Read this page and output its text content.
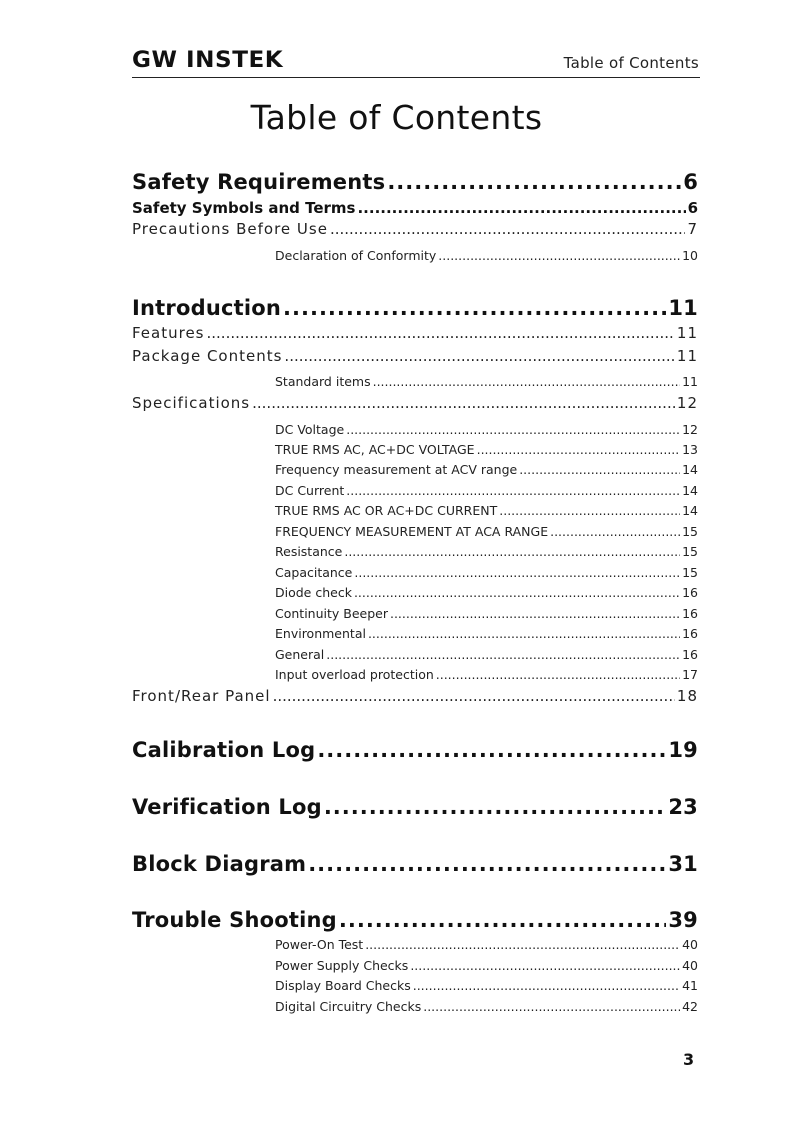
GW INSTEK	Table of Contents
Table of Contents
Safety Requirements .....	6
Safety Symbols and Terms .....	6
Precautions Before Use .....	7
Declaration of Conformity .....	10
Introduction .....	11
Features .....	11
Package Contents .....	11
Standard items .....	11
Specifications .....	12
DC Voltage .....	12
TRUE RMS AC, AC+DC VOLTAGE .....	13
Frequency measurement at ACV range .....	14
DC Current .....	14
TRUE RMS AC OR AC+DC CURRENT .....	14
FREQUENCY MEASUREMENT AT ACA RANGE .....	15
Resistance .....	15
Capacitance .....	15
Diode check .....	16
Continuity Beeper .....	16
Environmental .....	16
General .....	16
Input overload protection .....	17
Front/Rear Panel .....	18
Calibration Log .....	19
Verification Log .....	23
Block Diagram .....	31
Trouble Shooting .....	39
Power-On Test .....	40
Power Supply Checks .....	40
Display Board Checks .....	41
Digital Circuitry Checks .....	42
3
